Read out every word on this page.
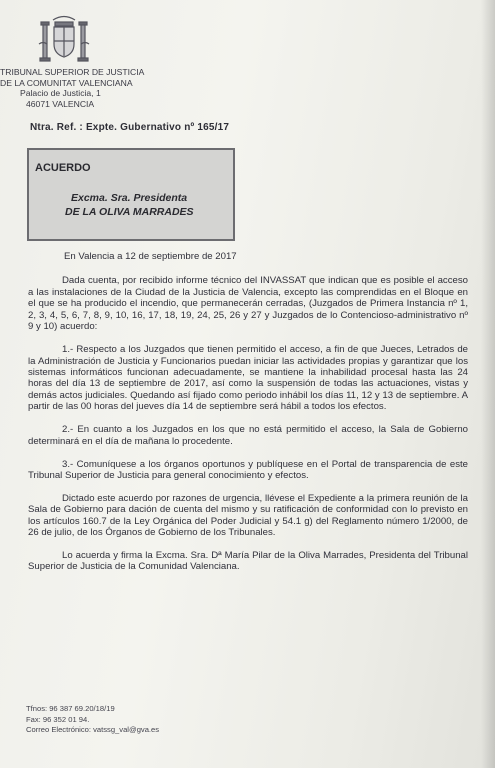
TRIBUNAL SUPERIOR DE JUSTICIA
DE LA COMUNITAT VALENCIANA
Palacio de Justicia, 1
46071 VALENCIA
Ntra. Ref. : Expte. Gubernativo nº 165/17
ACUERDO
Excma. Sra. Presidenta
DE LA OLIVA MARRADES
En Valencia a 12 de septiembre de 2017

Dada cuenta, por recibido informe técnico del INVASSAT que indican que es posible el acceso a las instalaciones de la Ciudad de la Justicia de Valencia, excepto las comprendidas en el Bloque en el que se ha producido el incendio, que permanecerán cerradas, (Juzgados de Primera Instancia nº 1, 2, 3, 4, 5, 6, 7, 8, 9, 10, 16, 17, 18, 19, 24, 25, 26 y 27 y Juzgados de lo Contencioso-administrativo nº 9 y 10) acuerdo:

1.- Respecto a los Juzgados que tienen permitido el acceso, a fin de que Jueces, Letrados de la Administración de Justicia y Funcionarios puedan iniciar las actividades propias y garantizar que los sistemas informáticos funcionan adecuadamente, se mantiene la inhabilidad procesal hasta las 24 horas del día 13 de septiembre de 2017, así como la suspensión de todas las actuaciones, vistas y demás actos judiciales. Quedando así fijado como periodo inhábil los días 11, 12 y 13 de septiembre. A partir de las 00 horas del jueves día 14 de septiembre será hábil a todos los efectos.

2.- En cuanto a los Juzgados en los que no está permitido el acceso, la Sala de Gobierno determinará en el día de mañana lo procedente.

3.- Comuníquese a los órganos oportunos y publíquese en el Portal de transparencia de este Tribunal Superior de Justicia para general conocimiento y efectos.

Dictado este acuerdo por razones de urgencia, llévese el Expediente a la primera reunión de la Sala de Gobierno para dación de cuenta del mismo y su ratificación de conformidad con lo previsto en los artículos 160.7 de la Ley Orgánica del Poder Judicial y 54.1 g) del Reglamento número 1/2000, de 26 de julio, de los Órganos de Gobierno de los Tribunales.

Lo acuerda y firma la Excma. Sra. Dª María Pilar de la Oliva Marrades, Presidenta del Tribunal Superior de Justicia de la Comunidad Valenciana.

Tfnos: 96 387 69.20/18/19
Fax: 96 352 01 94.
Correo Electrónico: vatssg_val@gva.es
